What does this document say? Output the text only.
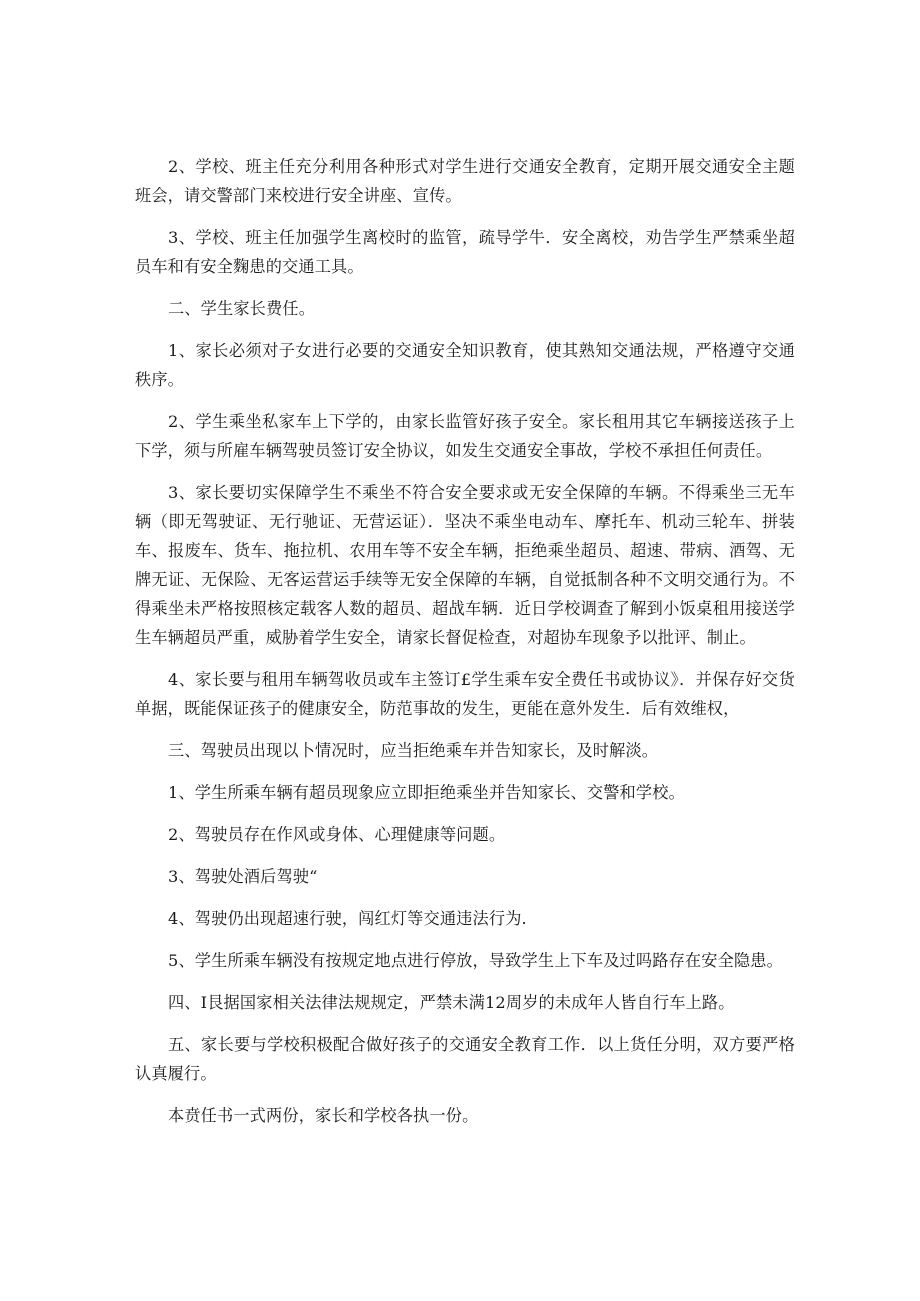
2、学校、班主任充分利用各种形式对学生进行交通安全教育，定期开展交通安全主题班会，请交警部门来校进行安全讲座、宣传。

3、学校、班主任加强学生离校时的监管，疏导学牛．安全离校，劝告学生严禁乘坐超员车和有安全麴患的交通工具。

二、学生家长费任。

1、家长必须对子女进行必要的交通安全知识教育，使其熟知交通法规，严格遵守交通秩序。

2、学生乘坐私家车上下学的，由家长监管好孩子安全。家长租用其它车辆接送孩子上下学，须与所雇车辆驾驶员签订安全协议，如发生交通安全事故，学校不承担任何责任。

3、家长要切实保障学生不乘坐不符合安全要求或无安全保障的车辆。不得乘坐三无车辆（即无驾驶证、无行驰证、无营运证）．坚决不乘坐电动车、摩托车、机动三轮车、拼装车、报废车、货车、拖拉机、农用车等不安全车辆，拒绝乘坐超员、超速、带病、酒驾、无牌无证、无保险、无客运营运手续等无安全保障的车辆，自觉抵制各种不文明交通行为。不得乘坐未严格按照核定载客人数的超员、超战车辆．近日学校调查了解到小饭桌租用接送学生车辆超员严重，威胁着学生安全，请家长督促检查，对超协车现象予以批评、制止。

4、家长要与租用车辆驾收员或车主签订£学生乘车安全费任书或协议》．并保存好交货单据，既能保证孩子的健康安全，防范事故的发生，更能在意外发生．后有效维权，

三、驾驶员出现以卜情况时，应当拒绝乘车并告知家长，及时解淡。

1、学生所乘车辆有超员现象应立即拒绝乘坐并告知家长、交警和学校。

2、驾驶员存在作风或身体、心理健康等问题。

3、驾驶处酒后驾驶“

4、驾驶仍出现超速行驶，闯红灯等交通违法行为.

5、学生所乘车辆没有按规定地点进行停放，导致学生上下车及过吗路存在安全隐患。

四、I艮据国家相关法律法规规定，严禁未满12周岁的未成年人皆自行车上路。

五、家长要与学校积极配合做好孩子的交通安全教育工作．以上货任分明，双方要严格认真履行。

本贲任书一式两份，家长和学校各执一份。
